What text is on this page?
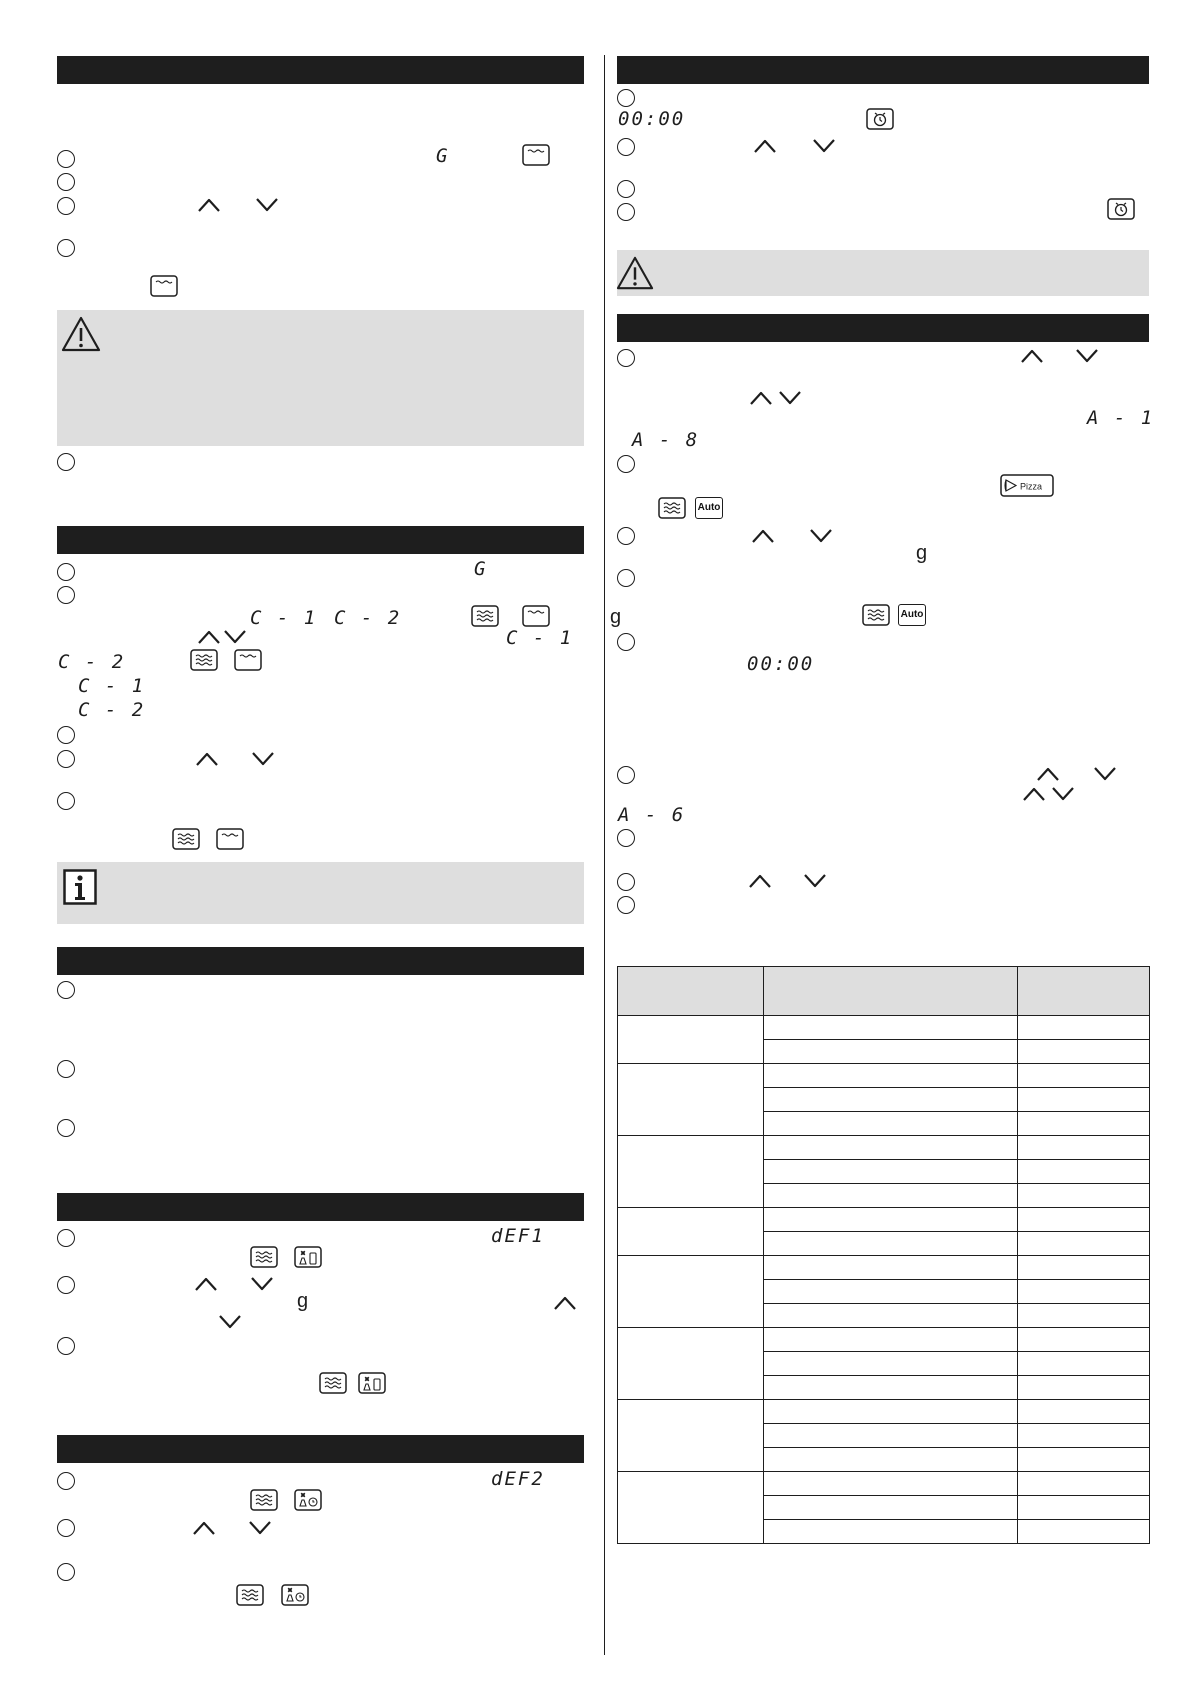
G
G
C - 1 C - 2
C - 1
C - 2
C - 1
C - 2
dEF1
g
dEF2
00:00
A - 1
A - 8
Pizza
Auto
g
g	Auto
00:00
A - 6
